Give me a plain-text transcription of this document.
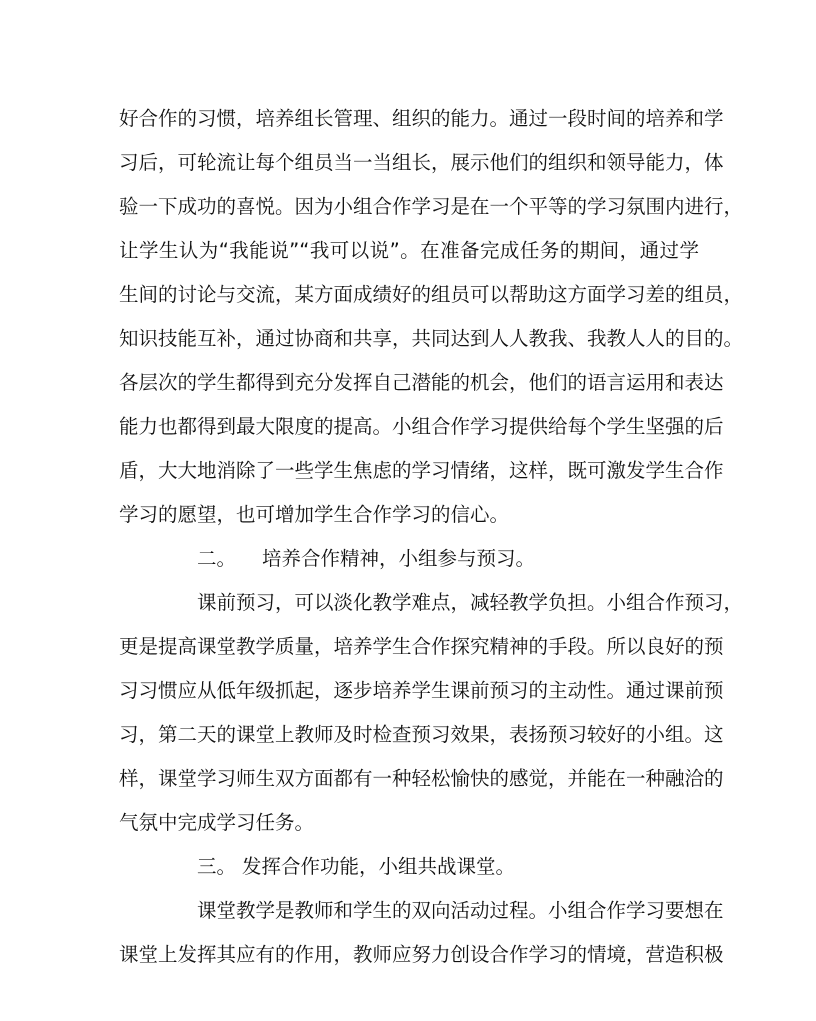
好合作的习惯，培养组长管理、组织的能力。通过一段时间的培养和学
习后，可轮流让每个组员当一当组长，展示他们的组织和领导能力，体
验一下成功的喜悦。因为小组合作学习是在一个平等的学习氛围内进行，
让学生认为“我能说”“我可以说”。在准备完成任务的期间，通过学
生间的讨论与交流，某方面成绩好的组员可以帮助这方面学习差的组员，
知识技能互补，通过协商和共享，共同达到人人教我、我教人人的目的。
各层次的学生都得到充分发挥自己潜能的机会，他们的语言运用和表达
能力也都得到最大限度的提高。小组合作学习提供给每个学生坚强的后
盾，大大地消除了一些学生焦虑的学习情绪，这样，既可激发学生合作
学习的愿望，也可增加学生合作学习的信心。
二。 培养合作精神，小组参与预习。
课前预习，可以淡化教学难点，减轻教学负担。小组合作预习，
更是提高课堂教学质量，培养学生合作探究精神的手段。所以良好的预
习习惯应从低年级抓起，逐步培养学生课前预习的主动性。通过课前预
习，第二天的课堂上教师及时检查预习效果，表扬预习较好的小组。这
样，课堂学习师生双方面都有一种轻松愉快的感觉，并能在一种融洽的
气氛中完成学习任务。
三。 发挥合作功能，小组共战课堂。
课堂教学是教师和学生的双向活动过程。小组合作学习要想在
课堂上发挥其应有的作用，教师应努力创设合作学习的情境，营造积极
